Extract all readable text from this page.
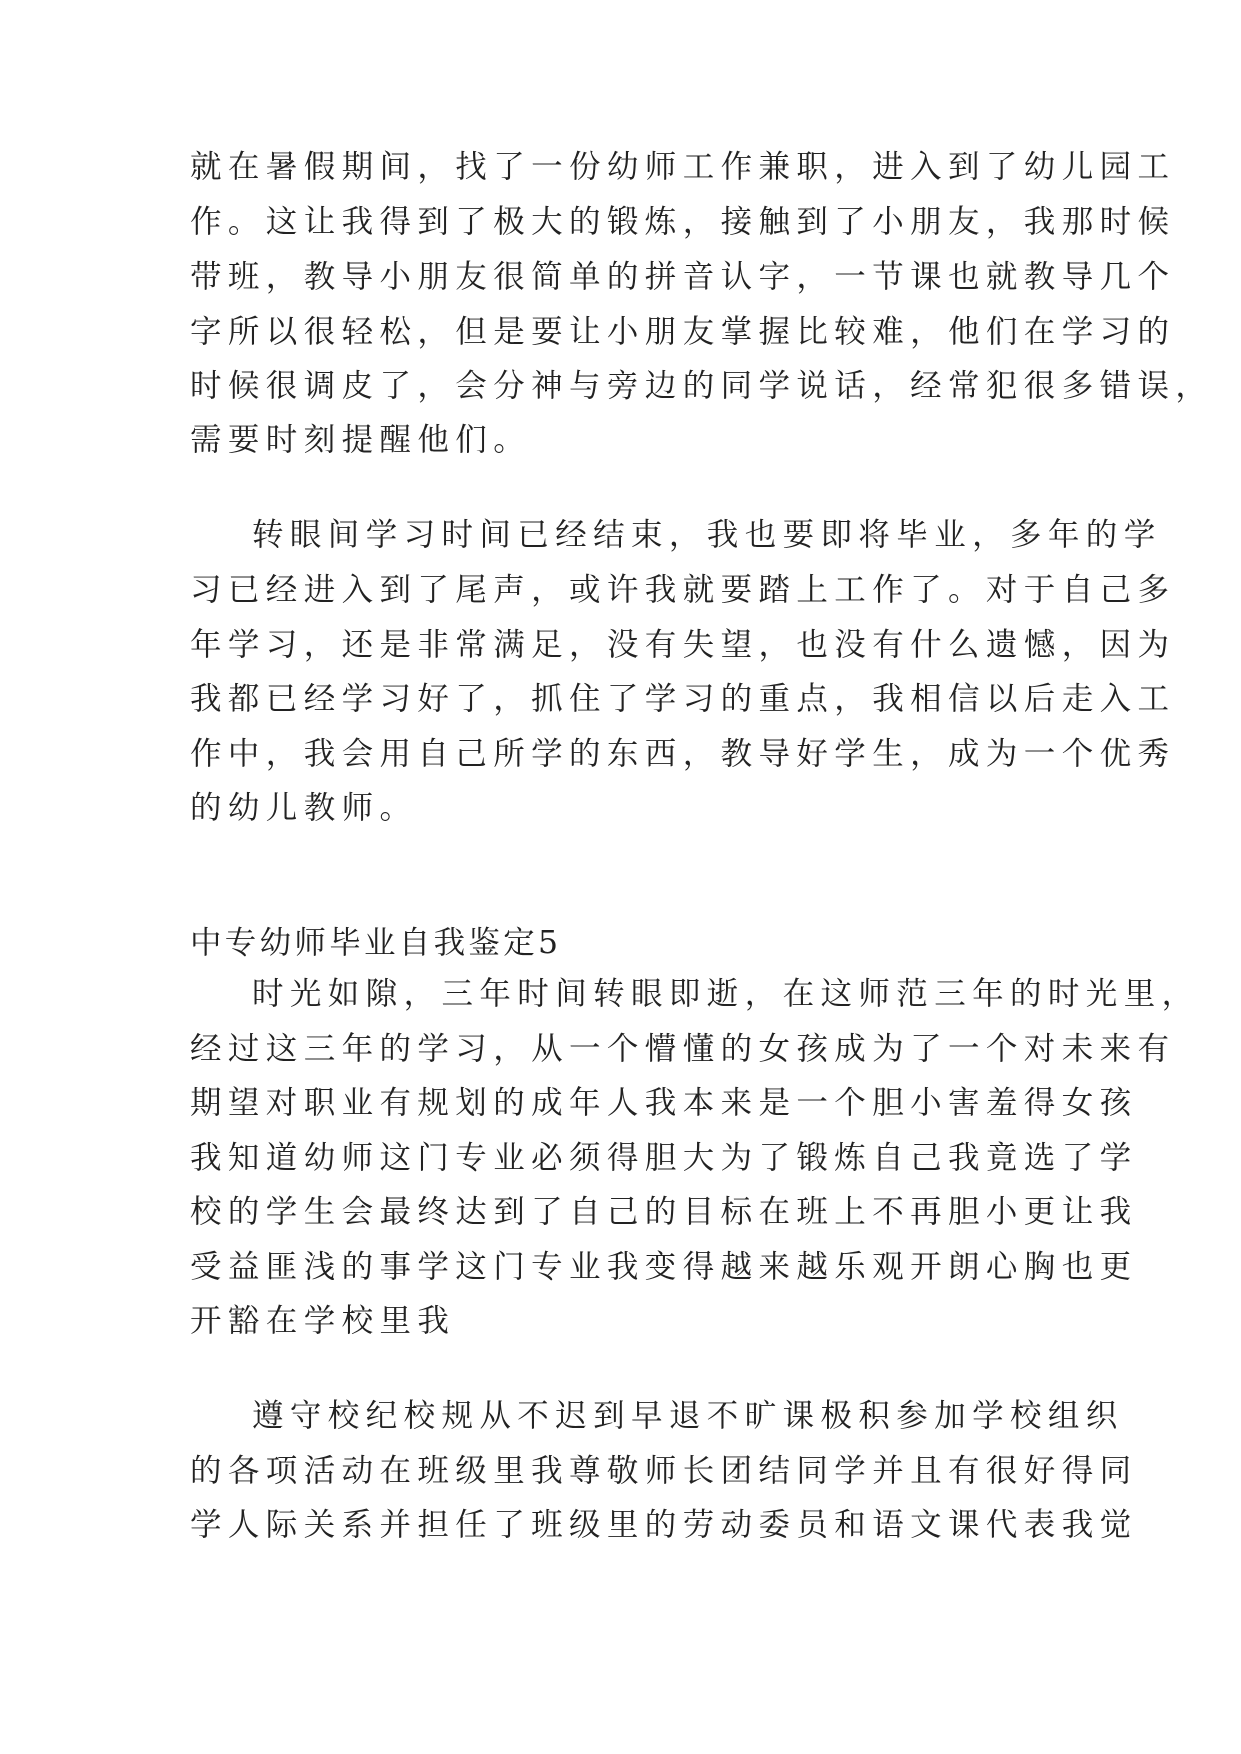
就在暑假期间，找了一份幼师工作兼职，进入到了幼儿园工
作。这让我得到了极大的锻炼，接触到了小朋友，我那时候
带班，教导小朋友很简单的拼音认字，一节课也就教导几个
字所以很轻松，但是要让小朋友掌握比较难，他们在学习的
时候很调皮了，会分神与旁边的同学说话，经常犯很多错误，
需要时刻提醒他们。
转眼间学习时间已经结束，我也要即将毕业，多年的学
习已经进入到了尾声，或许我就要踏上工作了。对于自己多
年学习，还是非常满足，没有失望，也没有什么遗憾，因为
我都已经学习好了，抓住了学习的重点，我相信以后走入工
作中，我会用自己所学的东西，教导好学生，成为一个优秀
的幼儿教师。
中专幼师毕业自我鉴定5
时光如隙，三年时间转眼即逝，在这师范三年的时光里，
经过这三年的学习，从一个懵懂的女孩成为了一个对未来有
期望对职业有规划的成年人我本来是一个胆小害羞得女孩
我知道幼师这门专业必须得胆大为了锻炼自己我竟选了学
校的学生会最终达到了自己的目标在班上不再胆小更让我
受益匪浅的事学这门专业我变得越来越乐观开朗心胸也更
开豁在学校里我
遵守校纪校规从不迟到早退不旷课极积参加学校组织
的各项活动在班级里我尊敬师长团结同学并且有很好得同
学人际关系并担任了班级里的劳动委员和语文课代表我觉
